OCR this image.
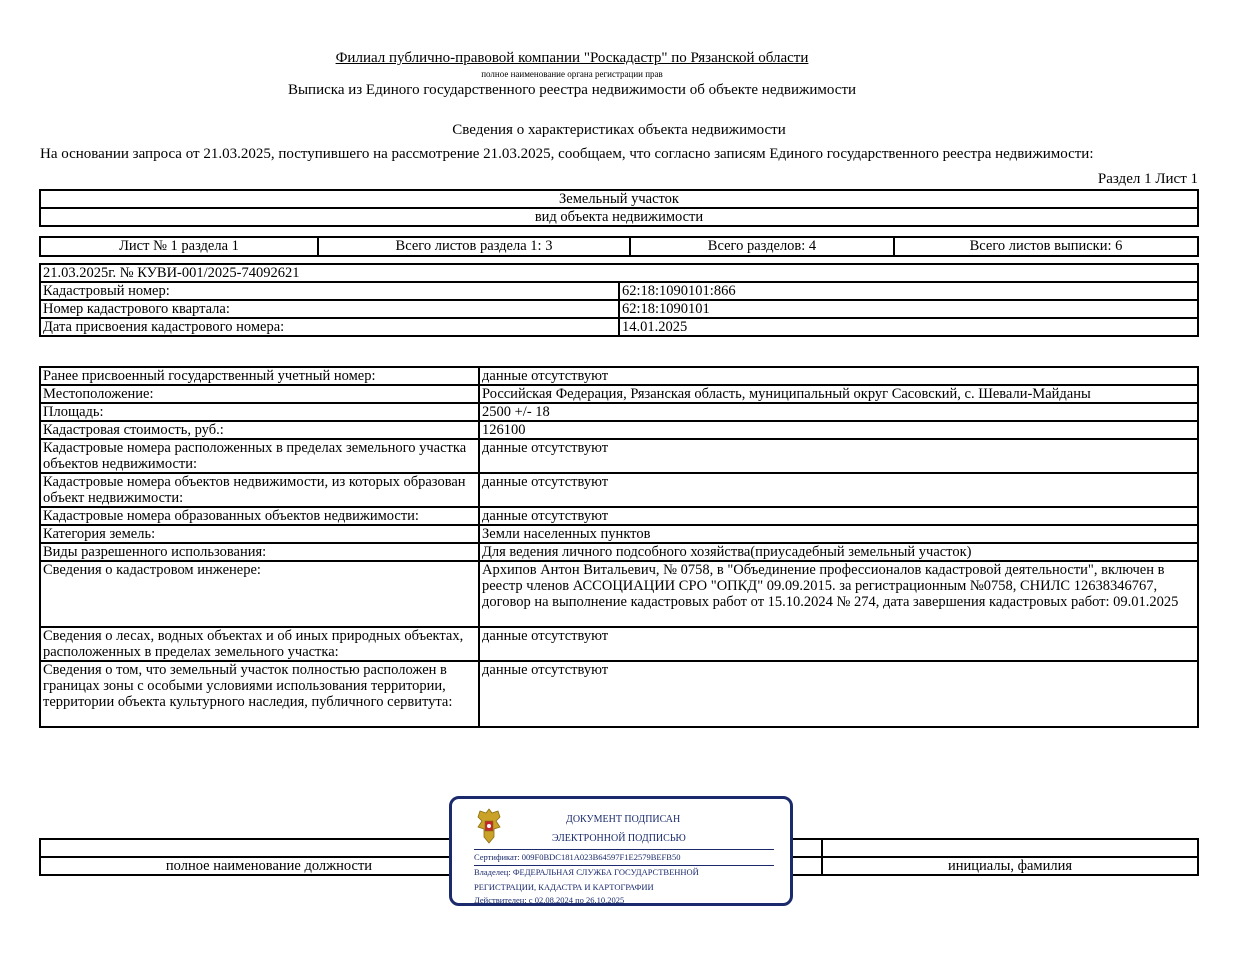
Филиал публично-правовой компании "Роскадастр" по Рязанской области
полное наименование органа регистрации прав
Выписка из Единого государственного реестра недвижимости об объекте недвижимости
Сведения о характеристиках объекта недвижимости
На основании запроса от 21.03.2025, поступившего на рассмотрение 21.03.2025, сообщаем, что согласно записям Единого государственного реестра недвижимости:
Раздел 1 Лист 1
Земельный участок
вид объекта недвижимости
Лист № 1 раздела 1	Всего листов раздела 1: 3	Всего разделов: 4	Всего листов выписки: 6
21.03.2025г. № КУВИ-001/2025-74092621	
Кадастровый номер:	62:18:1090101:866
Номер кадастрового квартала:	62:18:1090101
Дата присвоения кадастрового номера:	14.01.2025
Ранее присвоенный государственный учетный номер:	данные отсутствуют
Местоположение:	Российская Федерация, Рязанская область, муниципальный округ Сасовский, с. Шевали-Майданы
Площадь:	2500 +/- 18
Кадастровая стоимость, руб.:	126100
Кадастровые номера расположенных в пределах земельного участка объектов недвижимости:	данные отсутствуют
Кадастровые номера объектов недвижимости, из которых образован объект недвижимости:	данные отсутствуют
Кадастровые номера образованных объектов недвижимости:	данные отсутствуют
Категория земель:	Земли населенных пунктов
Виды разрешенного использования:	Для ведения личного подсобного хозяйства(приусадебный земельный участок)
Сведения о кадастровом инженере:	Архипов Антон Витальевич, № 0758, в "Объединение профессионалов кадастровой деятельности", включен в реестр членов АССОЦИАЦИИ СРО "ОПКД" 09.09.2015. за регистрационным №0758, СНИЛС 12638346767, договор на выполнение кадастровых работ от 15.10.2024 № 274, дата завершения кадастровых работ: 09.01.2025
Сведения о лесах, водных объектах и об иных природных объектах, расположенных в пределах земельного участка:	данные отсутствуют
Сведения о том, что земельный участок полностью расположен в границах зоны с особыми условиями использования территории, территории объекта культурного наследия, публичного сервитута:	данные отсутствуют

полное наименование должности		инициалы, фамилия
ДОКУМЕНТ ПОДПИСАН
ЭЛЕКТРОННОЙ ПОДПИСЬЮ
Сертификат: 009F0BDC181A023B64597F1E2579BEFB50
Владелец: ФЕДЕРАЛЬНАЯ СЛУЖБА ГОСУДАРСТВЕННОЙ
РЕГИСТРАЦИИ, КАДАСТРА И КАРТОГРАФИИ
Действителен: с 02.08.2024 по 26.10.2025
